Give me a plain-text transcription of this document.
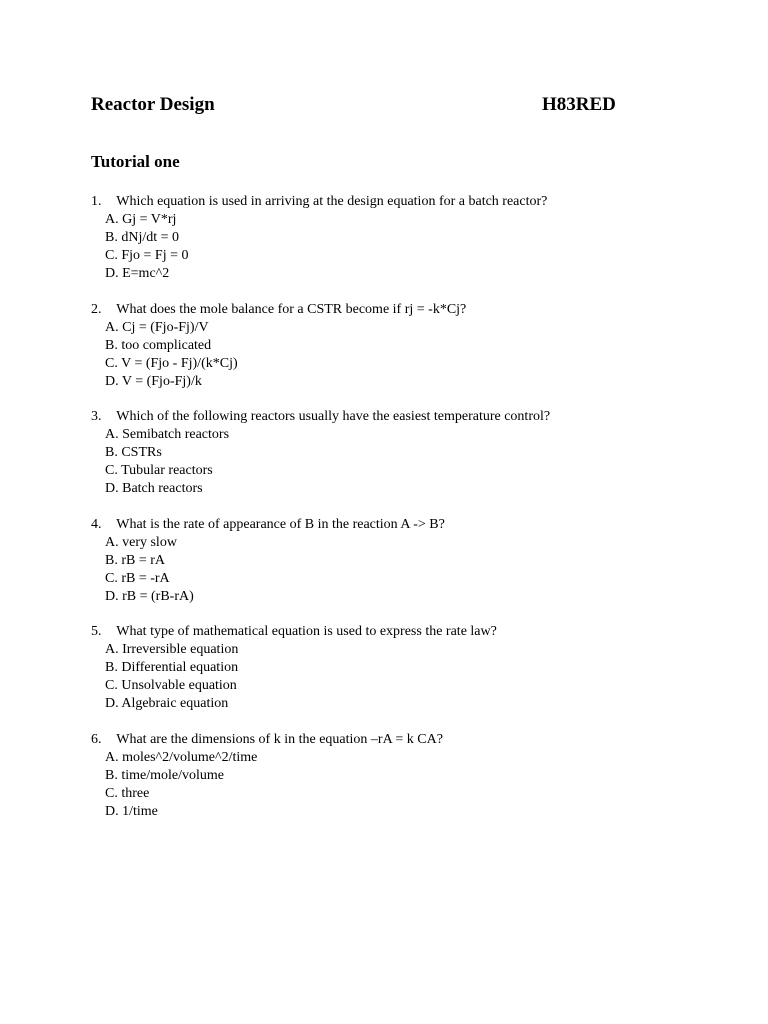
Reactor Design	H83RED
Tutorial one
1. Which equation is used in arriving at the design equation for a batch reactor?
A. Gj = V*rj
B. dNj/dt = 0
C. Fjo = Fj = 0
D. E=mc^2
2. What does the mole balance for a CSTR become if rj = -k*Cj?
A. Cj = (Fjo-Fj)/V
B. too complicated
C. V = (Fjo - Fj)/(k*Cj)
D. V = (Fjo-Fj)/k
3. Which of the following reactors usually have the easiest temperature control?
A. Semibatch reactors
B. CSTRs
C. Tubular reactors
D. Batch reactors
4. What is the rate of appearance of B in the reaction A -> B?
A. very slow
B. rB = rA
C. rB = -rA
D. rB = (rB-rA)
5. What type of mathematical equation is used to express the rate law?
A. Irreversible equation
B. Differential equation
C. Unsolvable equation
D. Algebraic equation
6. What are the dimensions of k in the equation –rA = k CA?
A. moles^2/volume^2/time
B. time/mole/volume
C. three
D. 1/time
